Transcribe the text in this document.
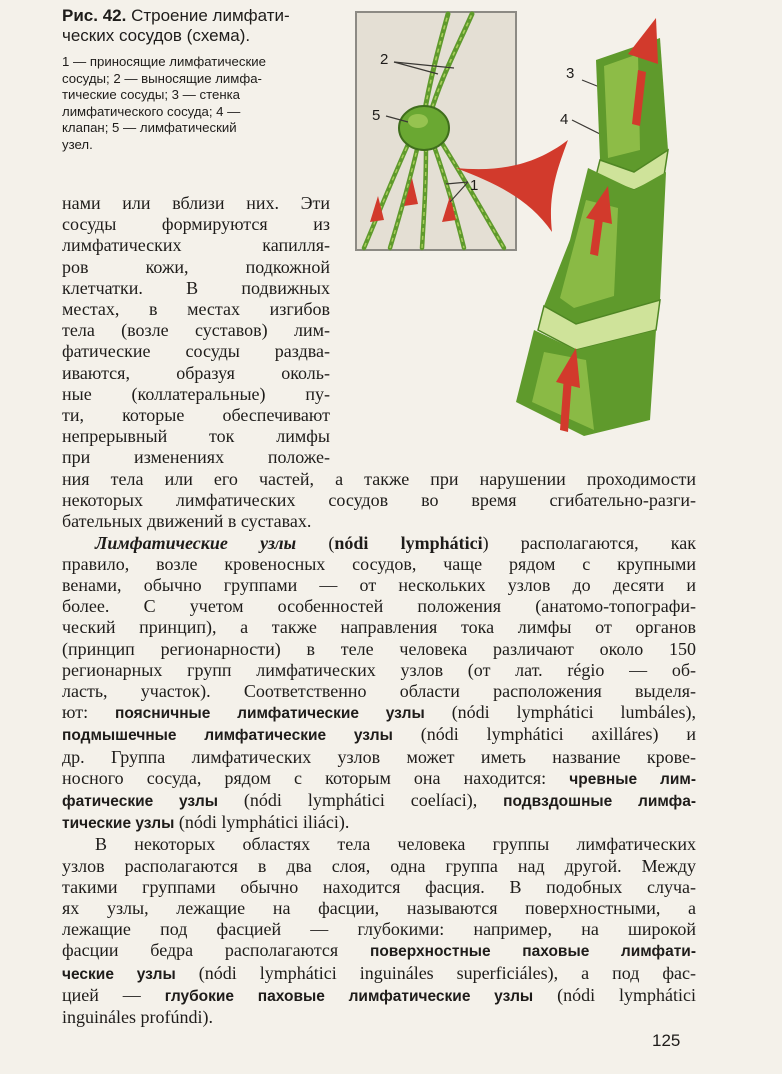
Рис. 42. Строение лимфати-
ческих сосудов (схема).

1 — приносящие лимфатические
сосуды; 2 — выносящие лимфа-
тические сосуды; 3 — стенка
лимфатического сосуда; 4 —
клапан; 5 — лимфатический
узел.
2
5
1
3
4
нами или вблизи них. Эти
сосуды формируются из
лимфатических капилля-
ров кожи, подкожной
клетчатки. В подвижных
местах, в местах изгибов
тела (возле суставов) лим-
фатические сосуды раздва-
иваются, образуя околь-
ные (коллатеральные) пу-
ти, которые обеспечивают
непрерывный ток лимфы
при изменениях положе-
ния тела или его частей, а также при нарушении проходимости
некоторых лимфатических сосудов во время сгибательно-разги-
бательных движений в суставах.
Лимфатические узлы (nódi lympháticі) располагаются, как
правило, возле кровеносных сосудов, чаще рядом с крупными
венами, обычно группами — от нескольких узлов до десяти и
более. С учетом особенностей положения (анатомо-топографи-
ческий принцип), а также направления тока лимфы от органов
(принцип регионарности) в теле человека различают около 150
регионарных групп лимфатических узлов (от лат. régio — об-
ласть, участок). Соответственно области расположения выделя-
ют: поясничные лимфатические узлы (nódi lympháticі lumbáles),
подмышечные лимфатические узлы (nódi lympháticі axilláres) и
др. Группа лимфатических узлов может иметь название крове-
носного сосуда, рядом с которым она находится: чревные лим-
фатические узлы (nódi lympháticі coelíaci), подвздошные лимфа-
тические узлы (nódi lympháticі iliáci).
В некоторых областях тела человека группы лимфатических
узлов располагаются в два слоя, одна группа над другой. Между
такими группами обычно находится фасция. В подобных случа-
ях узлы, лежащие на фасции, называются поверхностными, а
лежащие под фасцией — глубокими: например, на широкой
фасции бедра располагаются поверхностные паховые лимфати-
ческие узлы (nódi lympháticі inguináles superficiáles), а под фас-
цией — глубокие паховые лимфатические узлы (nódi lympháticі
inguináles profúndi).
125
